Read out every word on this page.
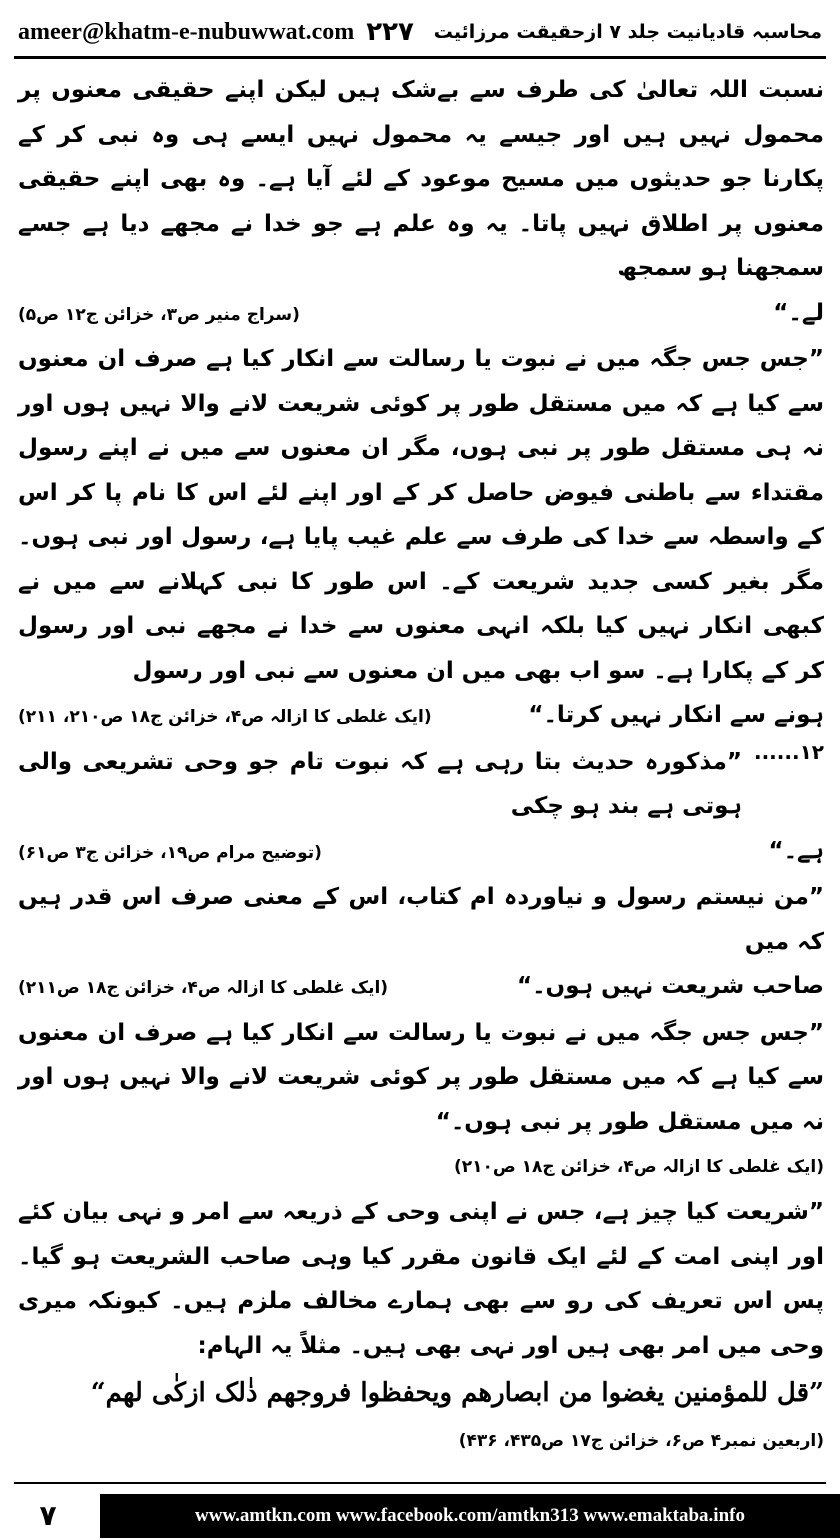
ameer@khatm-e-nubuwwat.com ۲۲۷ محاسبہ قادیانیت جلد ۷ ازحقیقت مرزائیت

نسبت اللہ تعالیٰ کی طرف سے بےشک ہیں لیکن اپنے حقیقی معنوں پر محمول نہیں ہیں اور جیسے یہ محمول نہیں ایسے ہی وہ نبی کر کے پکارنا جو حدیثوں میں مسیح موعود کے لئے آیا ہے۔ وہ بھی اپنے حقیقی معنوں پر اطلاق نہیں پاتا۔ یہ وہ علم ہے جو خدا نے مجھے دیا ہے جسے سمجھنا ہو سمجھ

لے۔“
(سراج منیر ص۳، خزائن ج۱۲ ص۵)

”جس جس جگہ میں نے نبوت یا رسالت سے انکار کیا ہے صرف ان معنوں سے کیا ہے کہ میں مستقل طور پر کوئی شریعت لانے والا نہیں ہوں اور نہ ہی مستقل طور پر نبی ہوں، مگر ان معنوں سے میں نے اپنے رسول مقتداء سے باطنی فیوض حاصل کر کے اور اپنے لئے اس کا نام پا کر اس کے واسطہ سے خدا کی طرف سے علم غیب پایا ہے، رسول اور نبی ہوں۔ مگر بغیر کسی جدید شریعت کے۔ اس طور کا نبی کہلانے سے میں نے کبھی انکار نہیں کیا بلکہ انہی معنوں سے خدا نے مجھے نبی اور رسول کر کے پکارا ہے۔ سو اب بھی میں ان معنوں سے نبی اور رسول

ہونے سے انکار نہیں کرتا۔“
(ایک غلطی کا ازالہ ص۴، خزائن ج۱۸ ص۲۱۰، ۲۱۱)
۱۲......

”مذکورہ حدیث بتا رہی ہے کہ نبوت تام جو وحی تشریعی والی ہوتی ہے بند ہو چکی

ہے۔“
(توضیح مرام ص۱۹، خزائن ج۳ ص۶۱)

”من نیستم رسول و نیاوردہ ام کتاب، اس کے معنی صرف اس قدر ہیں کہ میں

صاحب شریعت نہیں ہوں۔“
(ایک غلطی کا ازالہ ص۴، خزائن ج۱۸ ص۲۱۱)

”جس جس جگہ میں نے نبوت یا رسالت سے انکار کیا ہے صرف ان معنوں سے کیا ہے کہ میں مستقل طور پر کوئی شریعت لانے والا نہیں ہوں اور نہ میں مستقل طور پر نبی ہوں۔“

(ایک غلطی کا ازالہ ص۴، خزائن ج۱۸ ص۲۱۰)

”شریعت کیا چیز ہے، جس نے اپنی وحی کے ذریعہ سے امر و نہی بیان کئے اور اپنی امت کے لئے ایک قانون مقرر کیا وہی صاحب الشریعت ہو گیا۔ پس اس تعریف کی رو سے بھی ہمارے مخالف ملزم ہیں۔ کیونکہ میری وحی میں امر بھی ہیں اور نہی بھی ہیں۔ مثلاً یہ الہام:

”قل للمؤمنین یغضوا من ابصارھم ویحفظوا فروجھم ذٰلک ازکٰی لھم“
(اربعین نمبر۴ ص۶، خزائن ج۱۷ ص۴۳۵، ۴۳۶)
۷	www.amtkn.com www.facebook.com/amtkn313 www.emaktaba.info
